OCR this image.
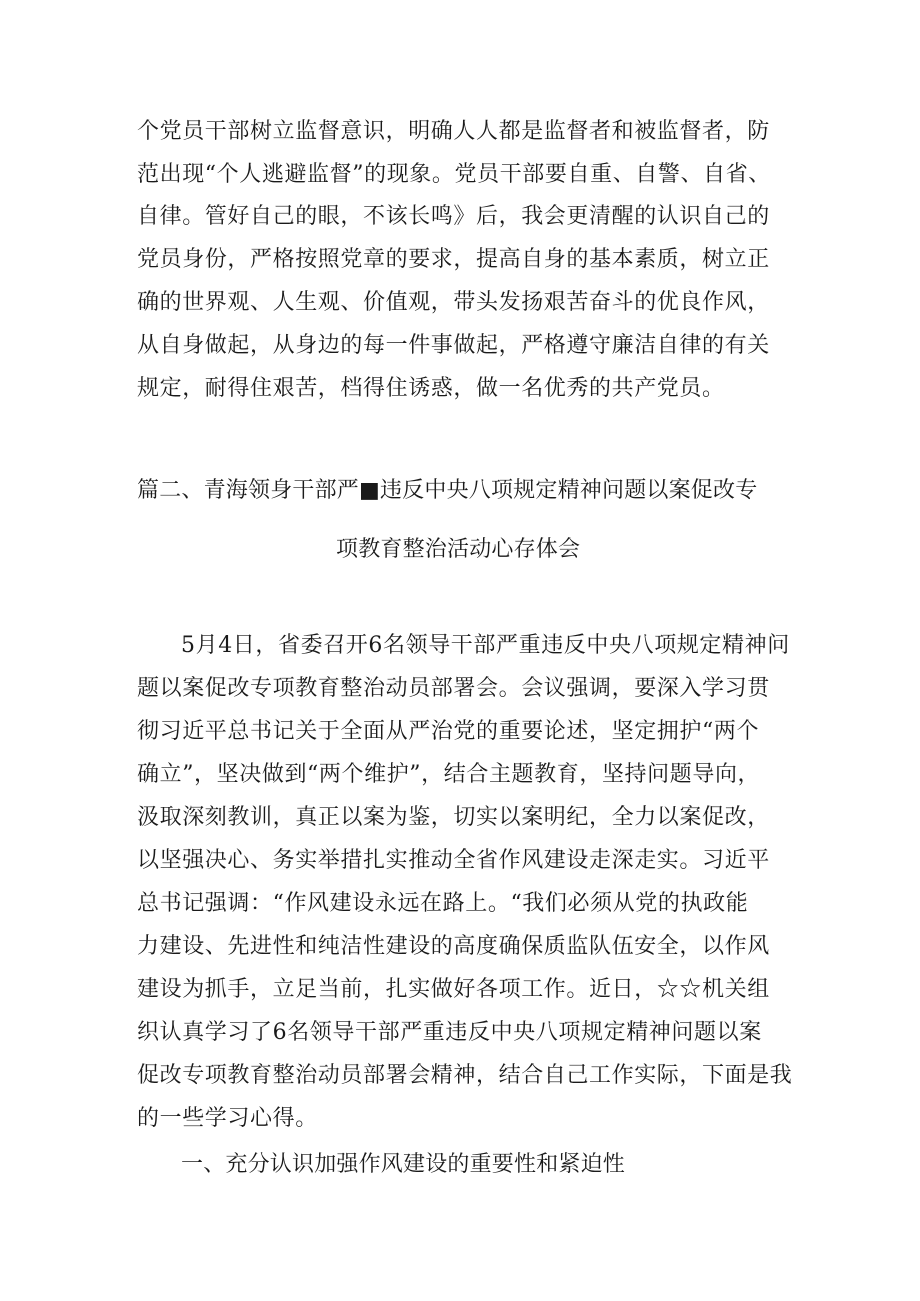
个党员干部树立监督意识，明确人人都是监督者和被监督者，防
范出现“个人逃避监督”的现象。党员干部要自重、自警、自省、
自律。管好自己的眼，不该长鸣》后，我会更清醒的认识自己的
党员身份，严格按照党章的要求，提高自身的基本素质，树立正
确的世界观、人生观、价值观，带头发扬艰苦奋斗的优良作风，
从自身做起，从身边的每一件事做起，严格遵守廉洁自律的有关
规定，耐得住艰苦，档得住诱惑，做一名优秀的共产党员。
篇二、青海领身干部严■违反中央八项规定精神问题以案促改专
项教育整治活动心存体会
5月4日，省委召开6名领导干部严重违反中央八项规定精神问
题以案促改专项教育整治动员部署会。会议强调，要深入学习贯
彻习近平总书记关于全面从严治党的重要论述，坚定拥护“两个
确立”，坚决做到“两个维护”，结合主题教育，坚持问题导向，
汲取深刻教训，真正以案为鉴，切实以案明纪，全力以案促改，
以坚强决心、务实举措扎实推动全省作风建设走深走实。习近平
总书记强调：“作风建设永远在路上。“我们必须从党的执政能
力建设、先进性和纯洁性建设的高度确保质监队伍安全，以作风
建设为抓手，立足当前，扎实做好各项工作。近日，☆☆机关组
织认真学习了6名领导干部严重违反中央八项规定精神问题以案
促改专项教育整治动员部署会精神，结合自己工作实际，下面是我
的一些学习心得。
一、充分认识加强作风建设的重要性和紧迫性
